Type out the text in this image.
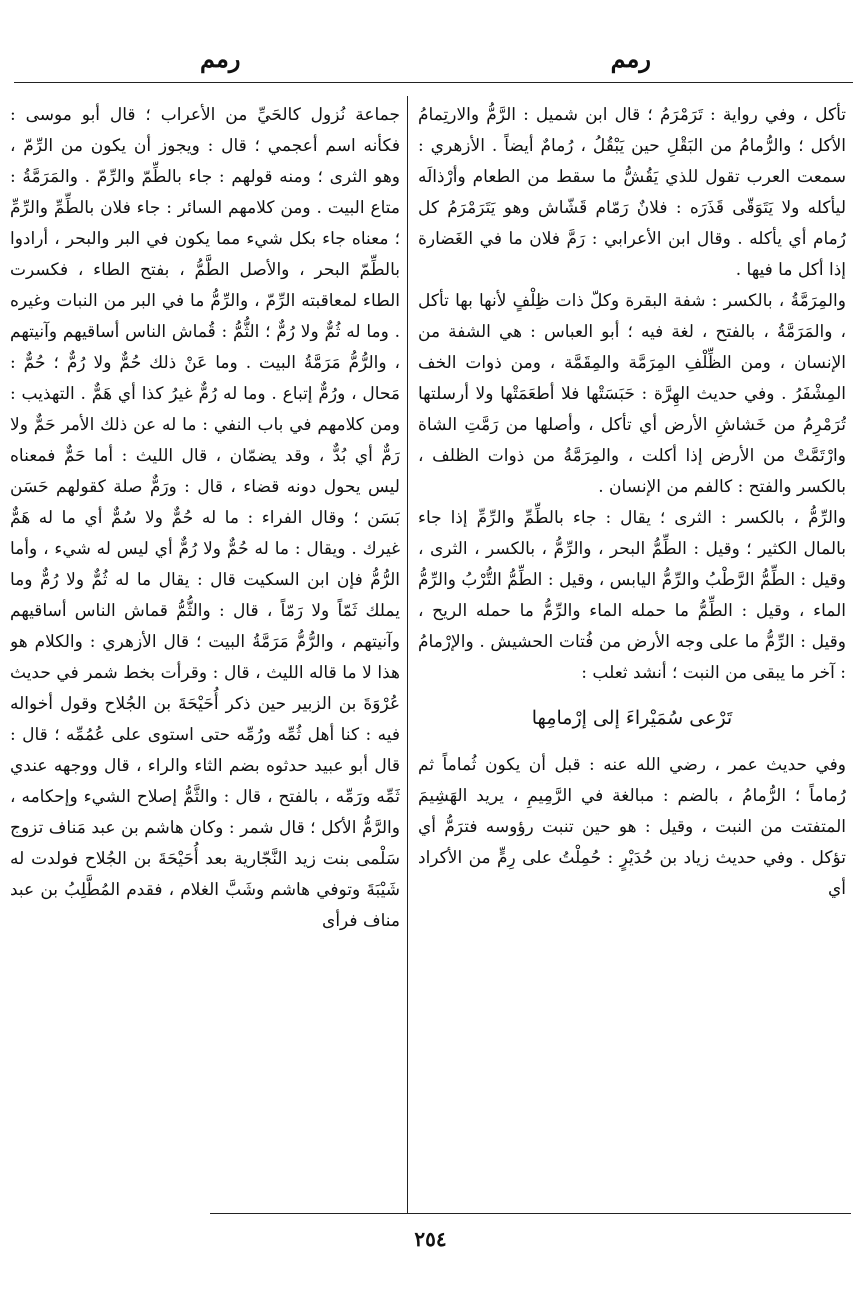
رمم
رمم

تأكل ، وفي رواية : تَرَمْرَمُ ؛ قال ابن شميل : الرَّمُّ والارتِمامُ الأكل ؛ والرُّمامُ من البَقْلِ حين يَبْقُلُ ، رُمامٌ أيضاً . الأزهري : سمعت العرب تقول للذي يَقُشُّ ما سقط من الطعام وأرْذالَه ليأكله ولا يَتَوَقّى قَذَرَه : فلانٌ رَمّام قَشّاش وهو يَتَرَمْرَمُ كل رُمام أي يأكله . وقال ابن الأعرابي : رَمَّ فلان ما في الغَضارة إذا أكل ما فيها .

والمِرَمَّةُ ، بالكسر : شفة البقرة وكلّ ذات ظِلْفٍ لأنها بها تأكل ، والمَرَمَّةُ ، بالفتح ، لغة فيه ؛ أبو العباس : هي الشفة من الإنسان ، ومن الظِّلْفِ المِرَمَّة والمِقَمَّة ، ومن ذوات الخف المِشْفَرُ . وفي حديث الهِرَّة : حَبَسَتْها فلا أطعَمَتْها ولا أرسلتها تُرَمْرِمُ من خَشاشِ الأرض أي تأكل ، وأصلها من رَمَّتِ الشاة وارْتَمَّتْ من الأرض إذا أكلت ، والمِرَمَّةُ من ذوات الظلف ، بالكسر والفتح : كالفم من الإنسان .

والرِّمُّ ، بالكسر : الثرى ؛ يقال : جاء بالطِّمِّ والرِّمِّ إذا جاء بالمال الكثير ؛ وقيل : الطِّمُّ البحر ، والرِّمُّ ، بالكسر ، الثرى ، وقيل : الطِّمُّ الرَّطْبُ والرِّمُّ اليابس ، وقيل : الطِّمُّ التُّرْبُ والرِّمُّ الماء ، وقيل : الطِّمُّ ما حمله الماء والرِّمُّ ما حمله الريح ، وقيل : الرِّمُّ ما على وجه الأرض من فُتات الحشيش . والإرْمامُ : آخر ما يبقى من النبت ؛ أنشد ثعلب :

تَرْعى سُمَيْراءَ إلى إرْمامِها

وفي حديث عمر ، رضي الله عنه : قبل أن يكون ثُماماً ثم رُماماً ؛ الرُّمامُ ، بالضم : مبالغة في الرَّمِيمِ ، يريد الهَشِيمَ المتفتت من النبت ، وقيل : هو حين تنبت رؤوسه فترَمُّ أي تؤكل . وفي حديث زياد بن حُدَيْرٍ : حُمِلْتُ على رِمٍّ من الأكراد أي

جماعة نُزول كالحَيِّ من الأعراب ؛ قال أبو موسى : فكأنه اسم أعجمي ؛ قال : ويجوز أن يكون من الرِّمّ ، وهو الثرى ؛ ومنه قولهم : جاء بالطِّمّ والرِّمّ . والمَرَمَّةُ : متاع البيت . ومن كلامهم السائر : جاء فلان بالطِّمِّ والرِّمِّ ؛ معناه جاء بكل شيء مما يكون في البر والبحر ، أرادوا بالطِّمّ البحر ، والأصل الطَّمُّ ، بفتح الطاء ، فكسرت الطاء لمعاقبته الرِّمّ ، والرِّمُّ ما في البر من النبات وغيره . وما له ثُمٌّ ولا رُمٌّ ؛ الثُّمُّ : قُماش الناس أساقيهم وآنيتهم ، والرُّمُّ مَرَمَّةُ البيت . وما عَنْ ذلك حُمٌّ ولا رُمٌّ ؛ حُمٌّ : مَحال ، ورُمٌّ إتباع . وما له رُمٌّ غيرُ كذا أي هَمٌّ . التهذيب : ومن كلامهم في باب النفي : ما له عن ذلك الأمر حَمٌّ ولا رَمٌّ أي بُدٌّ ، وقد يضمّان ، قال الليث : أما حَمٌّ فمعناه ليس يحول دونه قضاء ، قال : ورَمٌّ صلة كقولهم حَسَن بَسَن ؛ وقال الفراء : ما له حُمٌّ ولا سُمٌّ أي ما له هَمٌّ غيرك . ويقال : ما له حُمٌّ ولا رُمٌّ أي ليس له شيء ، وأما الرُّمُّ فإن ابن السكيت قال : يقال ما له ثُمٌّ ولا رُمٌّ وما يملك ثَمّاً ولا رَمّاً ، قال : والثُّمُّ قماش الناس أساقيهم وآنيتهم ، والرُّمُّ مَرَمَّةُ البيت ؛ قال الأزهري : والكلام هو هذا لا ما قاله الليث ، قال : وقرأت بخط شمر في حديث عُرْوَةَ بن الزبير حين ذكر أُحَيْحَةَ بن الجُلاح وقول أخواله فيه : كنا أهل ثُمِّه ورُمِّه حتى استوى على عُمُمِّه ؛ قال : قال أبو عبيد حدثوه بضم الثاء والراء ، قال ووجهه عندي ثَمِّه ورَمِّه ، بالفتح ، قال : والثَّمُّ إصلاح الشيء وإحكامه ، والرَّمُّ الأكل ؛ قال شمر : وكان هاشم بن عبد مَناف تزوج سَلْمى بنت زيد النَّجّارية بعد أُحَيْحَةَ بن الجُلاح فولدت له شَيْبَةَ وتوفي هاشم وشَبَّ الغلام ، فقدم المُطَّلِبُ بن عبد مناف فرأى

٢٥٤
